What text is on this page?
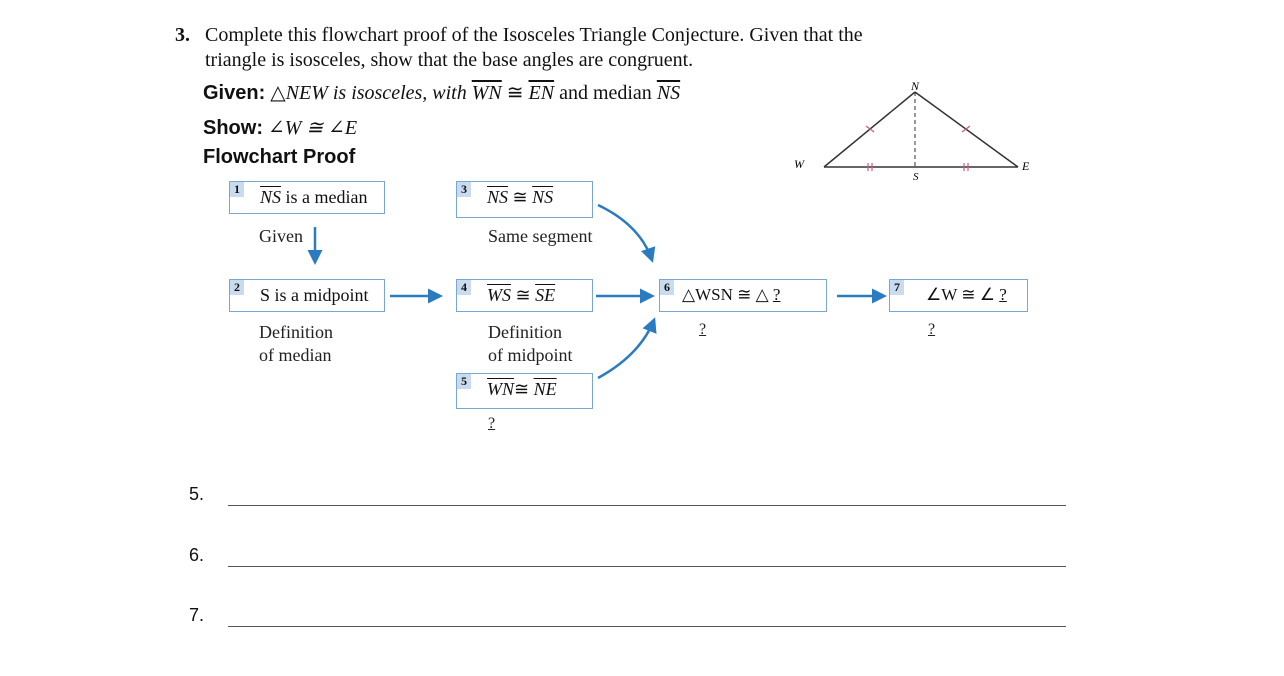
3. Complete this flowchart proof of the Isosceles Triangle Conjecture. Given that the
triangle is isosceles, show that the base angles are congruent.
Given: △NEW is isosceles, with $\overline{WN}$ ≅ $\overline{EN}$ and median $\overline{NS}$
Show: ∠W ≅ ∠E
Flowchart Proof
N
W	E
S
1 $\overline{NS}$ is a median
Given
2 S is a midpoint
Definition
of median
3 $\overline{NS}$ ≅ $\overline{NS}$
Same segment
4 $\overline{WS}$ ≅ $\overline{SE}$
Definition
of midpoint
5 $\overline{WN}≅$ $\overline{NE}$
?
6 △WSN ≅ △ ?
?
7 ∠W ≅ ∠ ?
?
5.
6.
7.
